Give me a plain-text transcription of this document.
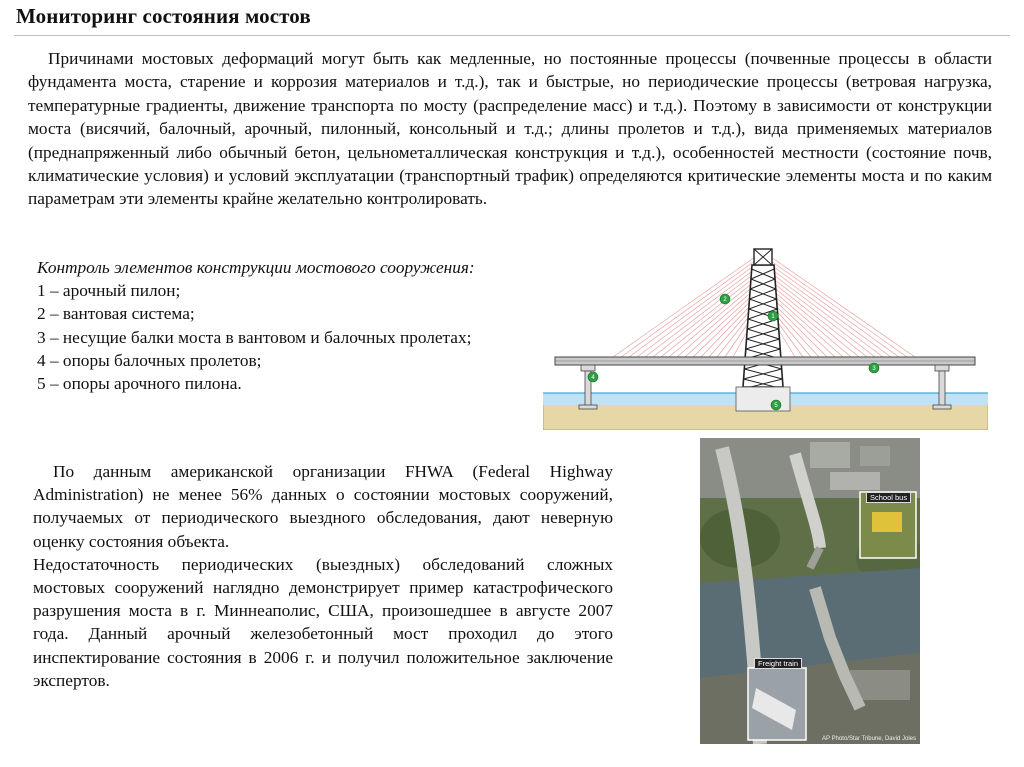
Мониторинг состояния мостов

Причинами мостовых деформаций могут быть как медленные, но постоянные процессы (почвенные процессы в области фундамента моста, старение и коррозия материалов и т.д.), так и быстрые, но периодические процессы (ветровая нагрузка, температурные градиенты, движение транспорта по мосту (распределение масс) и т.д.). Поэтому в зависимости от конструкции моста (висячий, балочный, арочный, пилонный, консольный и т.д.; длины пролетов и т.д.), вида применяемых материалов (преднапряженный либо обычный бетон, цельнометаллическая конструкция и т.д.), особенностей местности (состояние почв, климатические условия) и условий эксплуатации (транспортный трафик) определяются критические элементы моста и по каким параметрам эти элементы крайне желательно контролировать.

Контроль элементов конструкции мостового сооружения:
1 – арочный пилон;
2 – вантовая система;
3 – несущие балки моста в вантовом и балочных пролетах;
4 – опоры балочных пролетов;
5 – опоры арочного пилона.
2
1
3
4
5

По данным американской организации FHWA (Federal Highway Administration) не менее 56% данных о состоянии мостовых сооружений, получаемых от периодического выездного обследования, дают неверную оценку состояния объекта.

Недостаточность периодических (выездных) обследований сложных мостовых сооружений наглядно демонстрирует пример катастрофического разрушения моста в г. Миннеаполис, США, произошедшее в августе 2007 года. Данный арочный железобетонный мост проходил до этого инспектирование состояния в 2006 г. и получил положительное заключение экспертов.

School bus
Freight train
AP Photo/Star Tribune, David Joles
